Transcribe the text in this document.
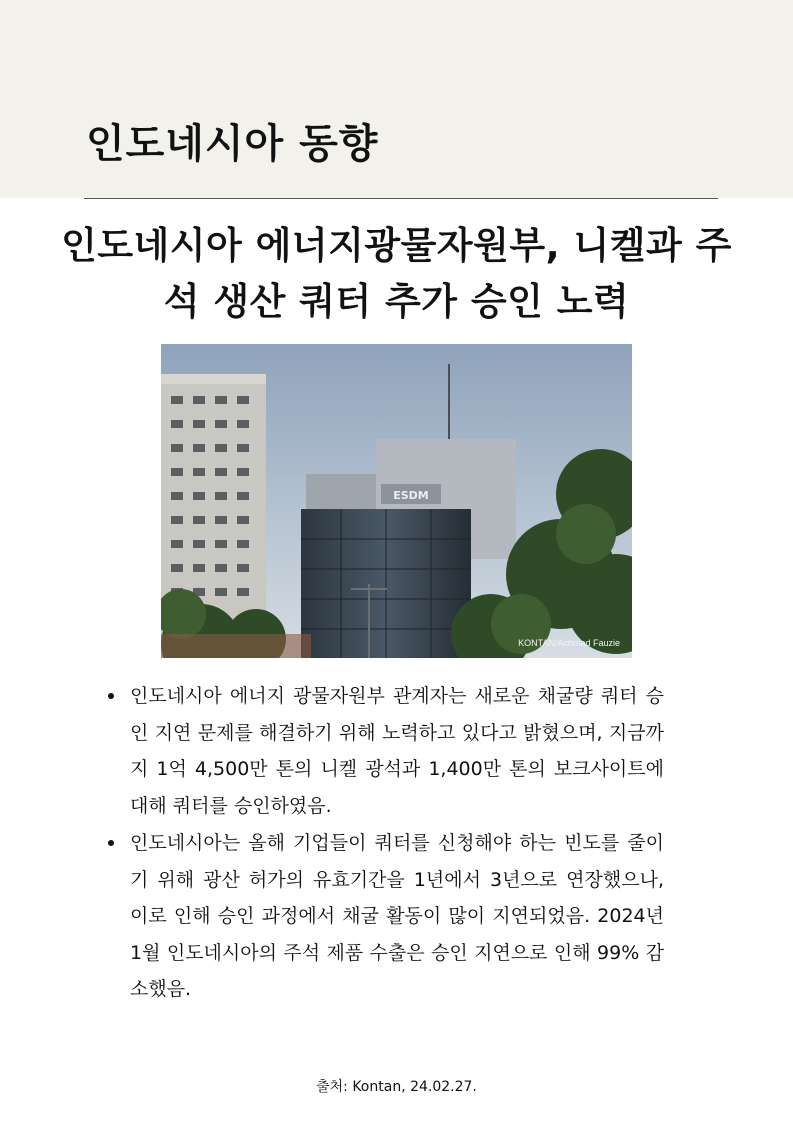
인도네시아 동향
인도네시아 에너지광물자원부, 니켈과 주석 생산 쿼터 추가 승인 노력
ESDM
KONTAN/Achmad Fauzie
인도네시아 에너지 광물자원부 관계자는 새로운 채굴량 쿼터 승인 지연 문제를 해결하기 위해 노력하고 있다고 밝혔으며, 지금까지 1억 4,500만 톤의 니켈 광석과 1,400만 톤의 보크사이트에 대해 쿼터를 승인하였음.
인도네시아는 올해 기업들이 쿼터를 신청해야 하는 빈도를 줄이기 위해 광산 허가의 유효기간을 1년에서 3년으로 연장했으나, 이로 인해 승인 과정에서 채굴 활동이 많이 지연되었음. 2024년 1월 인도네시아의 주석 제품 수출은 승인 지연으로 인해 99% 감소했음.
출처: Kontan, 24.02.27.
